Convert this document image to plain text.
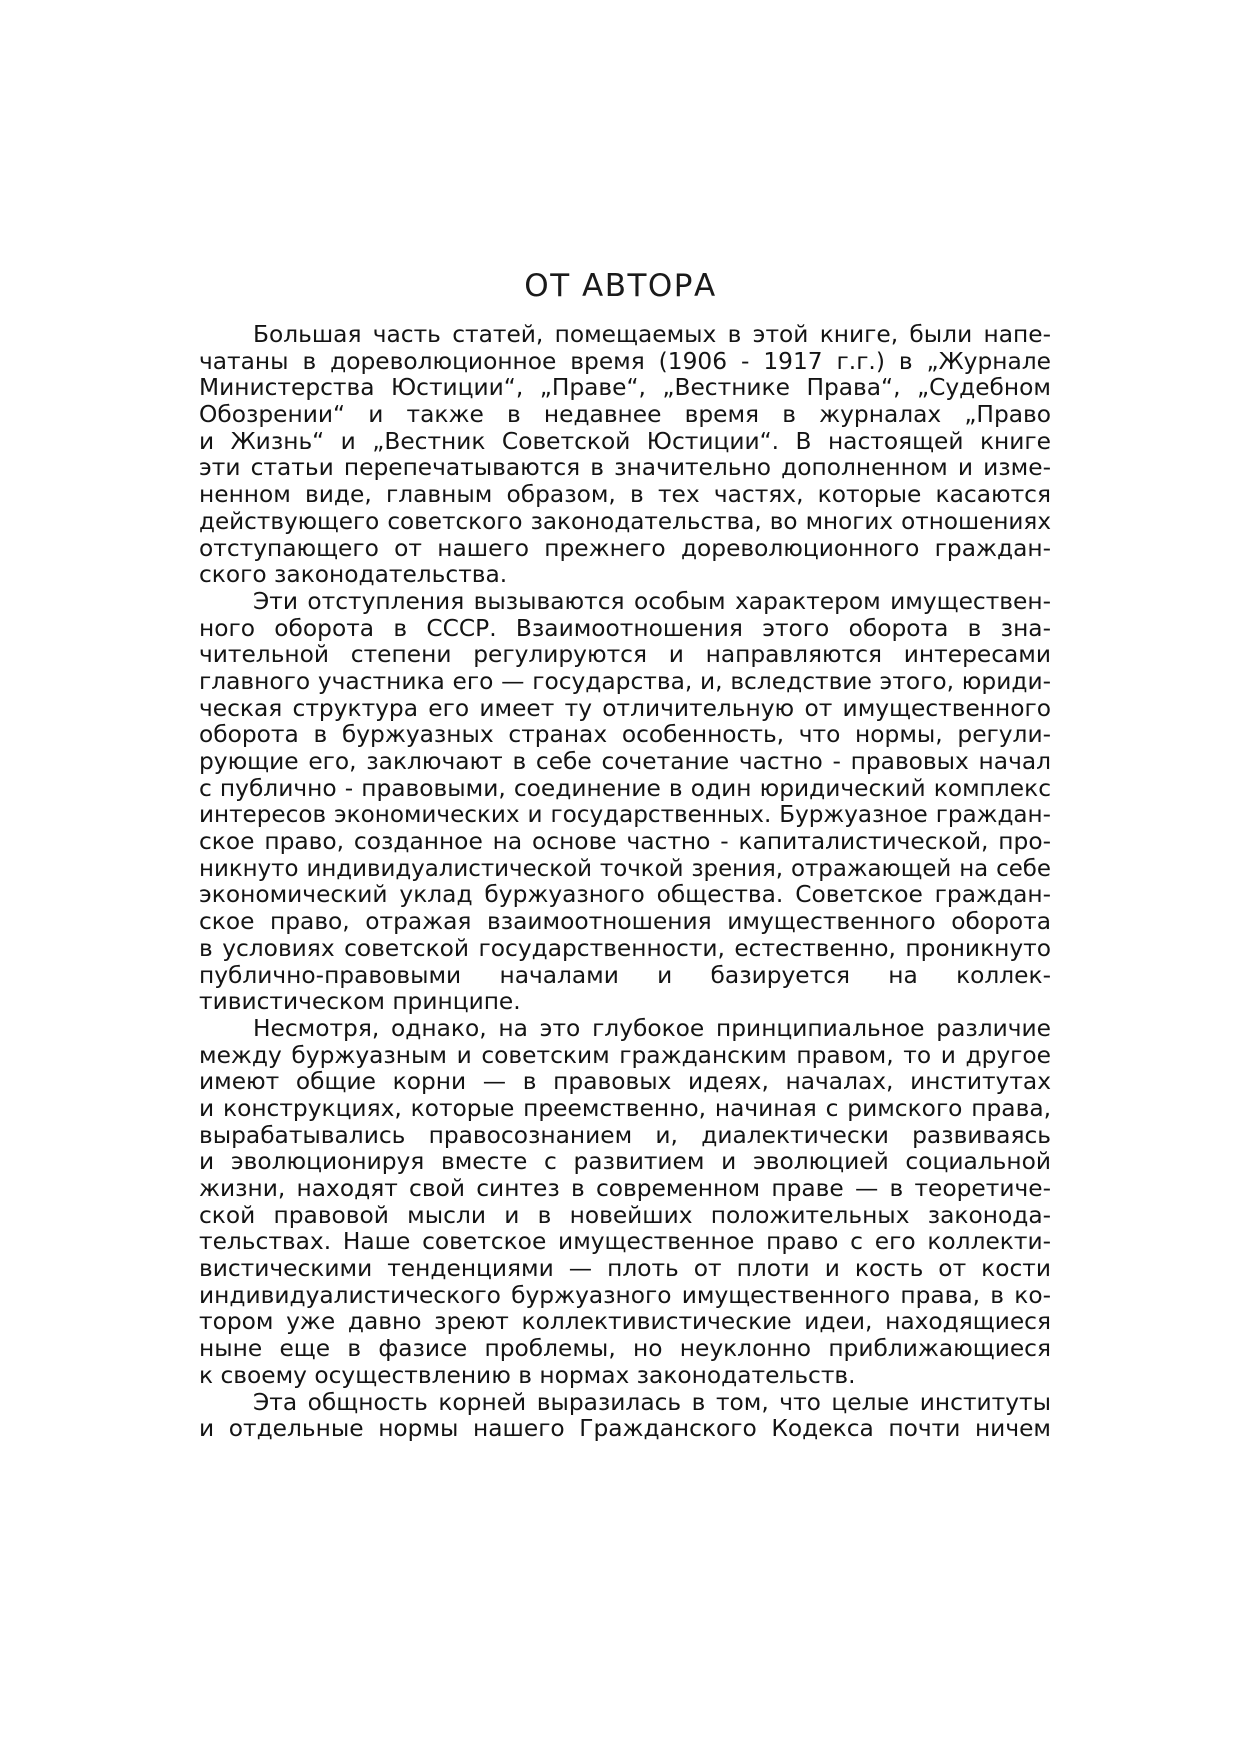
ОТ АВТОРА
Большая часть статей, помещаемых в этой книге, были напе-
чатаны в дореволюционное время (1906 - 1917 г.г.) в „Журнале
Министерства Юстиции“, „Праве“, „Вестнике Права“, „Судебном
Обозрении“ и также в недавнее время в журналах „Право
и Жизнь“ и „Вестник Советской Юстиции“. В настоящей книге
эти статьи перепечатываются в значительно дополненном и изме-
ненном виде, главным образом, в тех частях, которые касаются
действующего советского законодательства, во многих отношениях
отступающего от нашего прежнего дореволюционного граждан-
ского законодательства.
Эти отступления вызываются особым характером имуществен-
ного оборота в СССР. Взаимоотношения этого оборота в зна-
чительной степени регулируются и направляются интересами
главного участника его — государства, и, вследствие этого, юриди-
ческая структура его имеет ту отличительную от имущественного
оборота в буржуазных странах особенность, что нормы, регули-
рующие его, заключают в себе сочетание частно - правовых начал
с публично - правовыми, соединение в один юридический комплекс
интересов экономических и государственных. Буржуазное граждан-
ское право, созданное на основе частно - капиталистической, про-
никнуто индивидуалистической точкой зрения, отражающей на себе
экономический уклад буржуазного общества. Советское граждан-
ское право, отражая взаимоотношения имущественного оборота
в условиях советской государственности, естественно, проникнуто
публично-правовыми началами и базируется на коллек-
тивистическом принципе.
Несмотря, однако, на это глубокое принципиальное различие
между буржуазным и советским гражданским правом, то и другое
имеют общие корни — в правовых идеях, началах, институтах
и конструкциях, которые преемственно, начиная с римского права,
вырабатывались правосознанием и, диалектически развиваясь
и эволюционируя вместе с развитием и эволюцией социальной
жизни, находят свой синтез в современном праве — в теоретиче-
ской правовой мысли и в новейших положительных законода-
тельствах. Наше советское имущественное право с его коллекти-
вистическими тенденциями — плоть от плоти и кость от кости
индивидуалистического буржуазного имущественного права, в ко-
тором уже давно зреют коллективистические идеи, находящиеся
ныне еще в фазисе проблемы, но неуклонно приближающиеся
к своему осуществлению в нормах законодательств.
Эта общность корней выразилась в том, что целые институты
и отдельные нормы нашего Гражданского Кодекса почти ничем
